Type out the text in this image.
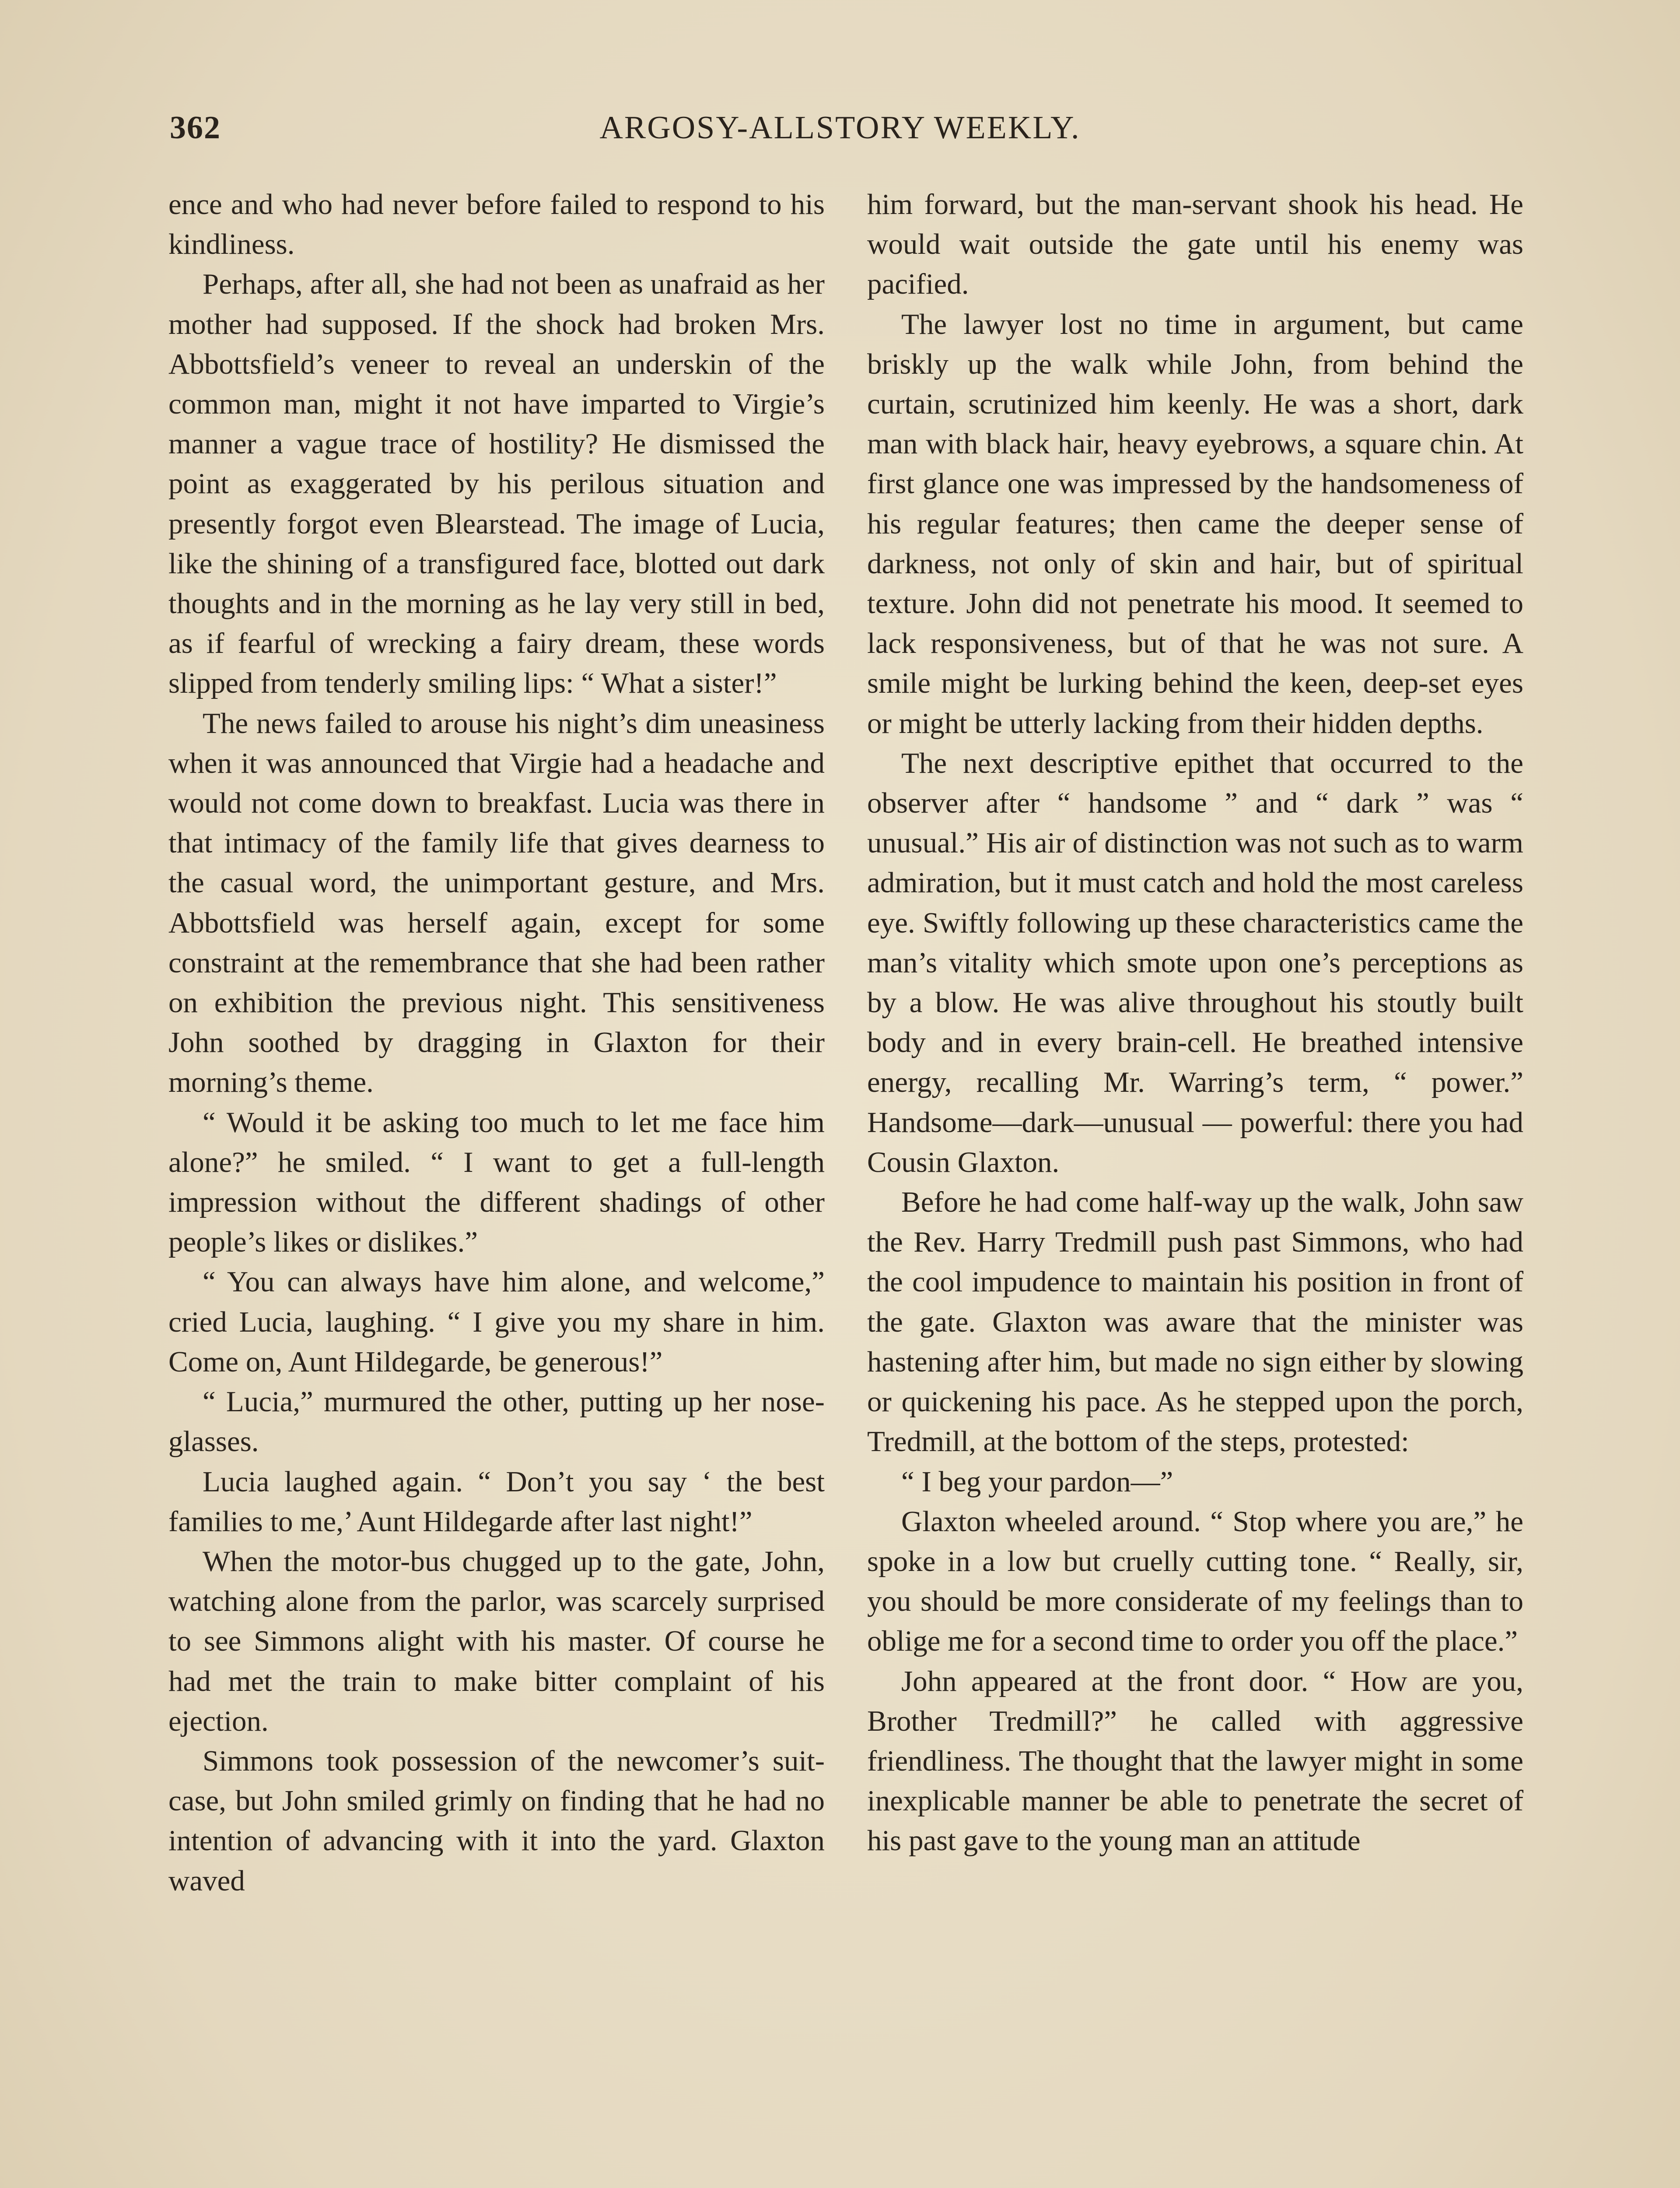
362	ARGOSY-ALLSTORY WEEKLY.

ence and who had never before failed to respond to his kindliness.

Perhaps, after all, she had not been as unafraid as her mother had supposed. If the shock had broken Mrs. Abbottsfield’s veneer to reveal an underskin of the common man, might it not have imparted to Virgie’s manner a vague trace of hostility? He dismissed the point as exaggerated by his perilous situation and presently forgot even Blearstead. The image of Lucia, like the shining of a transfigured face, blotted out dark thoughts and in the morning as he lay very still in bed, as if fearful of wrecking a fairy dream, these words slipped from tenderly smiling lips: “ What a sister!”

The news failed to arouse his night’s dim uneasiness when it was announced that Virgie had a headache and would not come down to breakfast. Lucia was there in that intimacy of the family life that gives dearness to the casual word, the unimportant gesture, and Mrs. Abbottsfield was herself again, except for some constraint at the remembrance that she had been rather on exhibition the previous night. This sensitiveness John soothed by dragging in Glaxton for their morning’s theme.

“ Would it be asking too much to let me face him alone?” he smiled. “ I want to get a full-length impression without the different shadings of other people’s likes or dislikes.”

“ You can always have him alone, and welcome,” cried Lucia, laughing. “ I give you my share in him. Come on, Aunt Hildegarde, be generous!”

“ Lucia,” murmured the other, putting up her nose-glasses.

Lucia laughed again. “ Don’t you say ‘ the best families to me,’ Aunt Hildegarde after last night!”

When the motor-bus chugged up to the gate, John, watching alone from the parlor, was scarcely surprised to see Simmons alight with his master. Of course he had met the train to make bitter complaint of his ejection.

Simmons took possession of the newcomer’s suit-case, but John smiled grimly on finding that he had no intention of advancing with it into the yard. Glaxton waved

him forward, but the man-servant shook his head. He would wait outside the gate until his enemy was pacified.

The lawyer lost no time in argument, but came briskly up the walk while John, from behind the curtain, scrutinized him keenly. He was a short, dark man with black hair, heavy eyebrows, a square chin. At first glance one was impressed by the handsomeness of his regular features; then came the deeper sense of darkness, not only of skin and hair, but of spiritual texture. John did not penetrate his mood. It seemed to lack responsiveness, but of that he was not sure. A smile might be lurking behind the keen, deep-set eyes or might be utterly lacking from their hidden depths.

The next descriptive epithet that occurred to the observer after “ handsome ” and “ dark ” was “ unusual.” His air of distinction was not such as to warm admiration, but it must catch and hold the most careless eye. Swiftly following up these characteristics came the man’s vitality which smote upon one’s perceptions as by a blow. He was alive throughout his stoutly built body and in every brain-cell. He breathed intensive energy, recalling Mr. Warring’s term, “ power.” Handsome—dark—unusual — powerful: there you had Cousin Glaxton.

Before he had come half-way up the walk, John saw the Rev. Harry Tredmill push past Simmons, who had the cool impudence to maintain his position in front of the gate. Glaxton was aware that the minister was hastening after him, but made no sign either by slowing or quickening his pace. As he stepped upon the porch, Tredmill, at the bottom of the steps, protested:

“ I beg your pardon—”

Glaxton wheeled around. “ Stop where you are,” he spoke in a low but cruelly cutting tone. “ Really, sir, you should be more considerate of my feelings than to oblige me for a second time to order you off the place.”

John appeared at the front door. “ How are you, Brother Tredmill?” he called with aggressive friendliness. The thought that the lawyer might in some inexplicable manner be able to penetrate the secret of his past gave to the young man an attitude
